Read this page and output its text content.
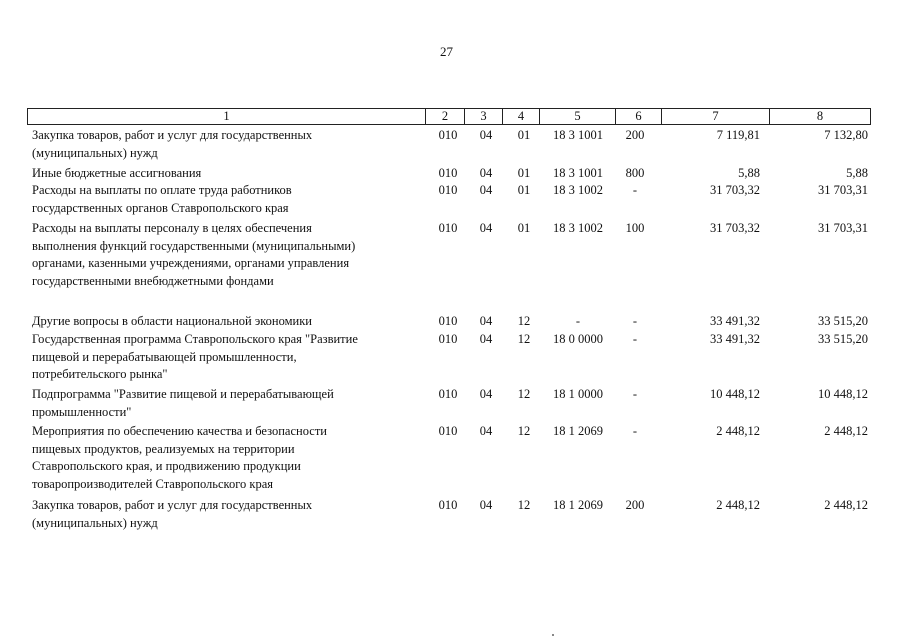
27
1	2	3	4	5	6	7	8
Закупка товаров, работ и услуг для государственных
(муниципальных) нужд
010	04	01	18 3 1001	200	7 119,81	7 132,80
Иные бюджетные ассигнования	010	04	01	18 3 1001	800	5,88	5,88
Расходы на выплаты по оплате труда работников
государственных органов Ставропольского края
010	04	01	18 3 1002	-	31 703,32	31 703,31
Расходы на выплаты персоналу в целях обеспечения
выполнения функций государственными (муниципальными)
органами, казенными учреждениями, органами управления
государственными внебюджетными фондами
010	04	01	18 3 1002	100	31 703,32	31 703,31
Другие вопросы в области национальной экономики	010	04	12	-	-	33 491,32	33 515,20
Государственная программа Ставропольского края "Развитие
пищевой и перерабатывающей промышленности,
потребительского рынка"
010	04	12	18 0 0000	-	33 491,32	33 515,20
Подпрограмма "Развитие пищевой и перерабатывающей
промышленности"
010	04	12	18 1 0000	-	10 448,12	10 448,12
Мероприятия по обеспечению качества и безопасности
пищевых продуктов, реализуемых на территории
Ставропольского края, и продвижению продукции
товаропроизводителей Ставропольского края
010	04	12	18 1 2069	-	2 448,12	2 448,12
Закупка товаров, работ и услуг для государственных
(муниципальных) нужд
010	04	12	18 1 2069	200	2 448,12	2 448,12
